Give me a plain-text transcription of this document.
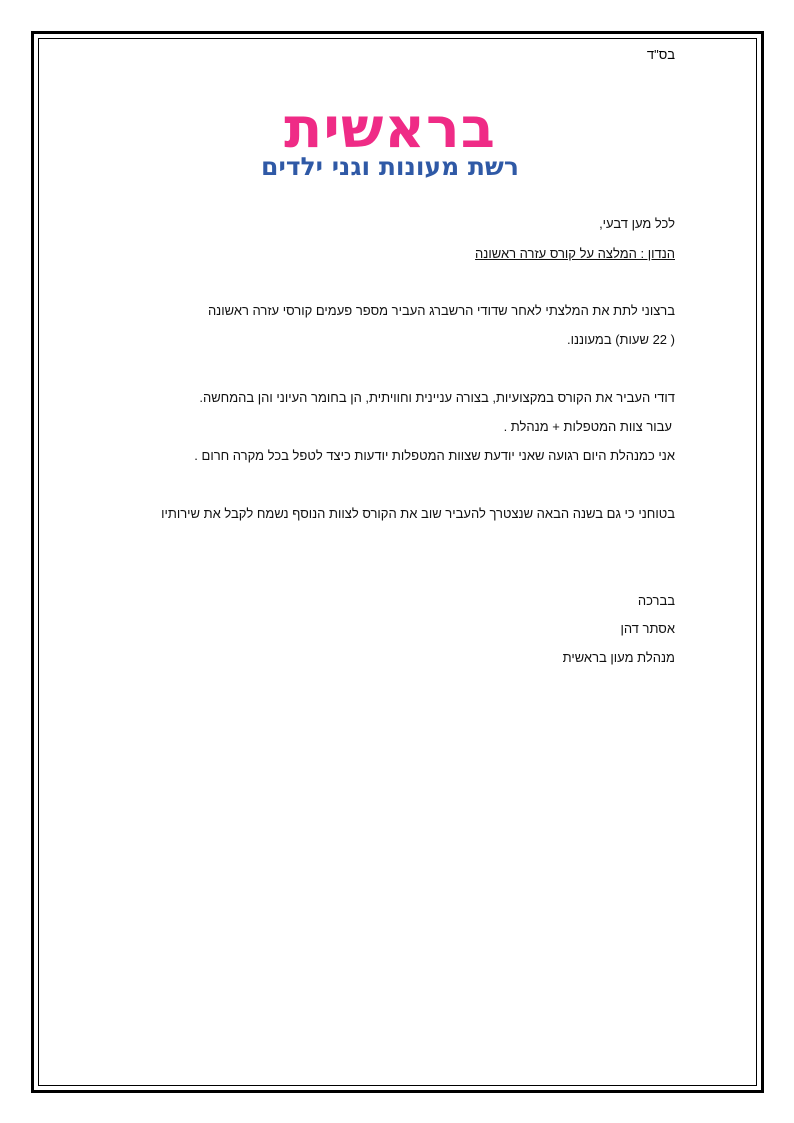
בס"ד
בראשית
רשת מעונות וגני ילדים
לכל מען דבעי,
הנדון : המלצה על קורס עזרה ראשונה
ברצוני לתת את המלצתי לאחר שדודי הרשברג העביר מספר פעמים קורסי עזרה ראשונה
( 22 שעות) במעוננו.
דודי העביר את הקורס במקצועיות, בצורה עניינית וחוויתית, הן בחומר העיוני והן בהמחשה.
עבור צוות המטפלות + מנהלת .
אני כמנהלת היום רגועה שאני יודעת שצוות המטפלות יודעות כיצד לטפל בכל מקרה חרום .
בטוחני כי גם בשנה הבאה שנצטרך להעביר שוב את הקורס לצוות הנוסף נשמח לקבל את שירותיו
בברכה
אסתר דהן
מנהלת מעון בראשית
